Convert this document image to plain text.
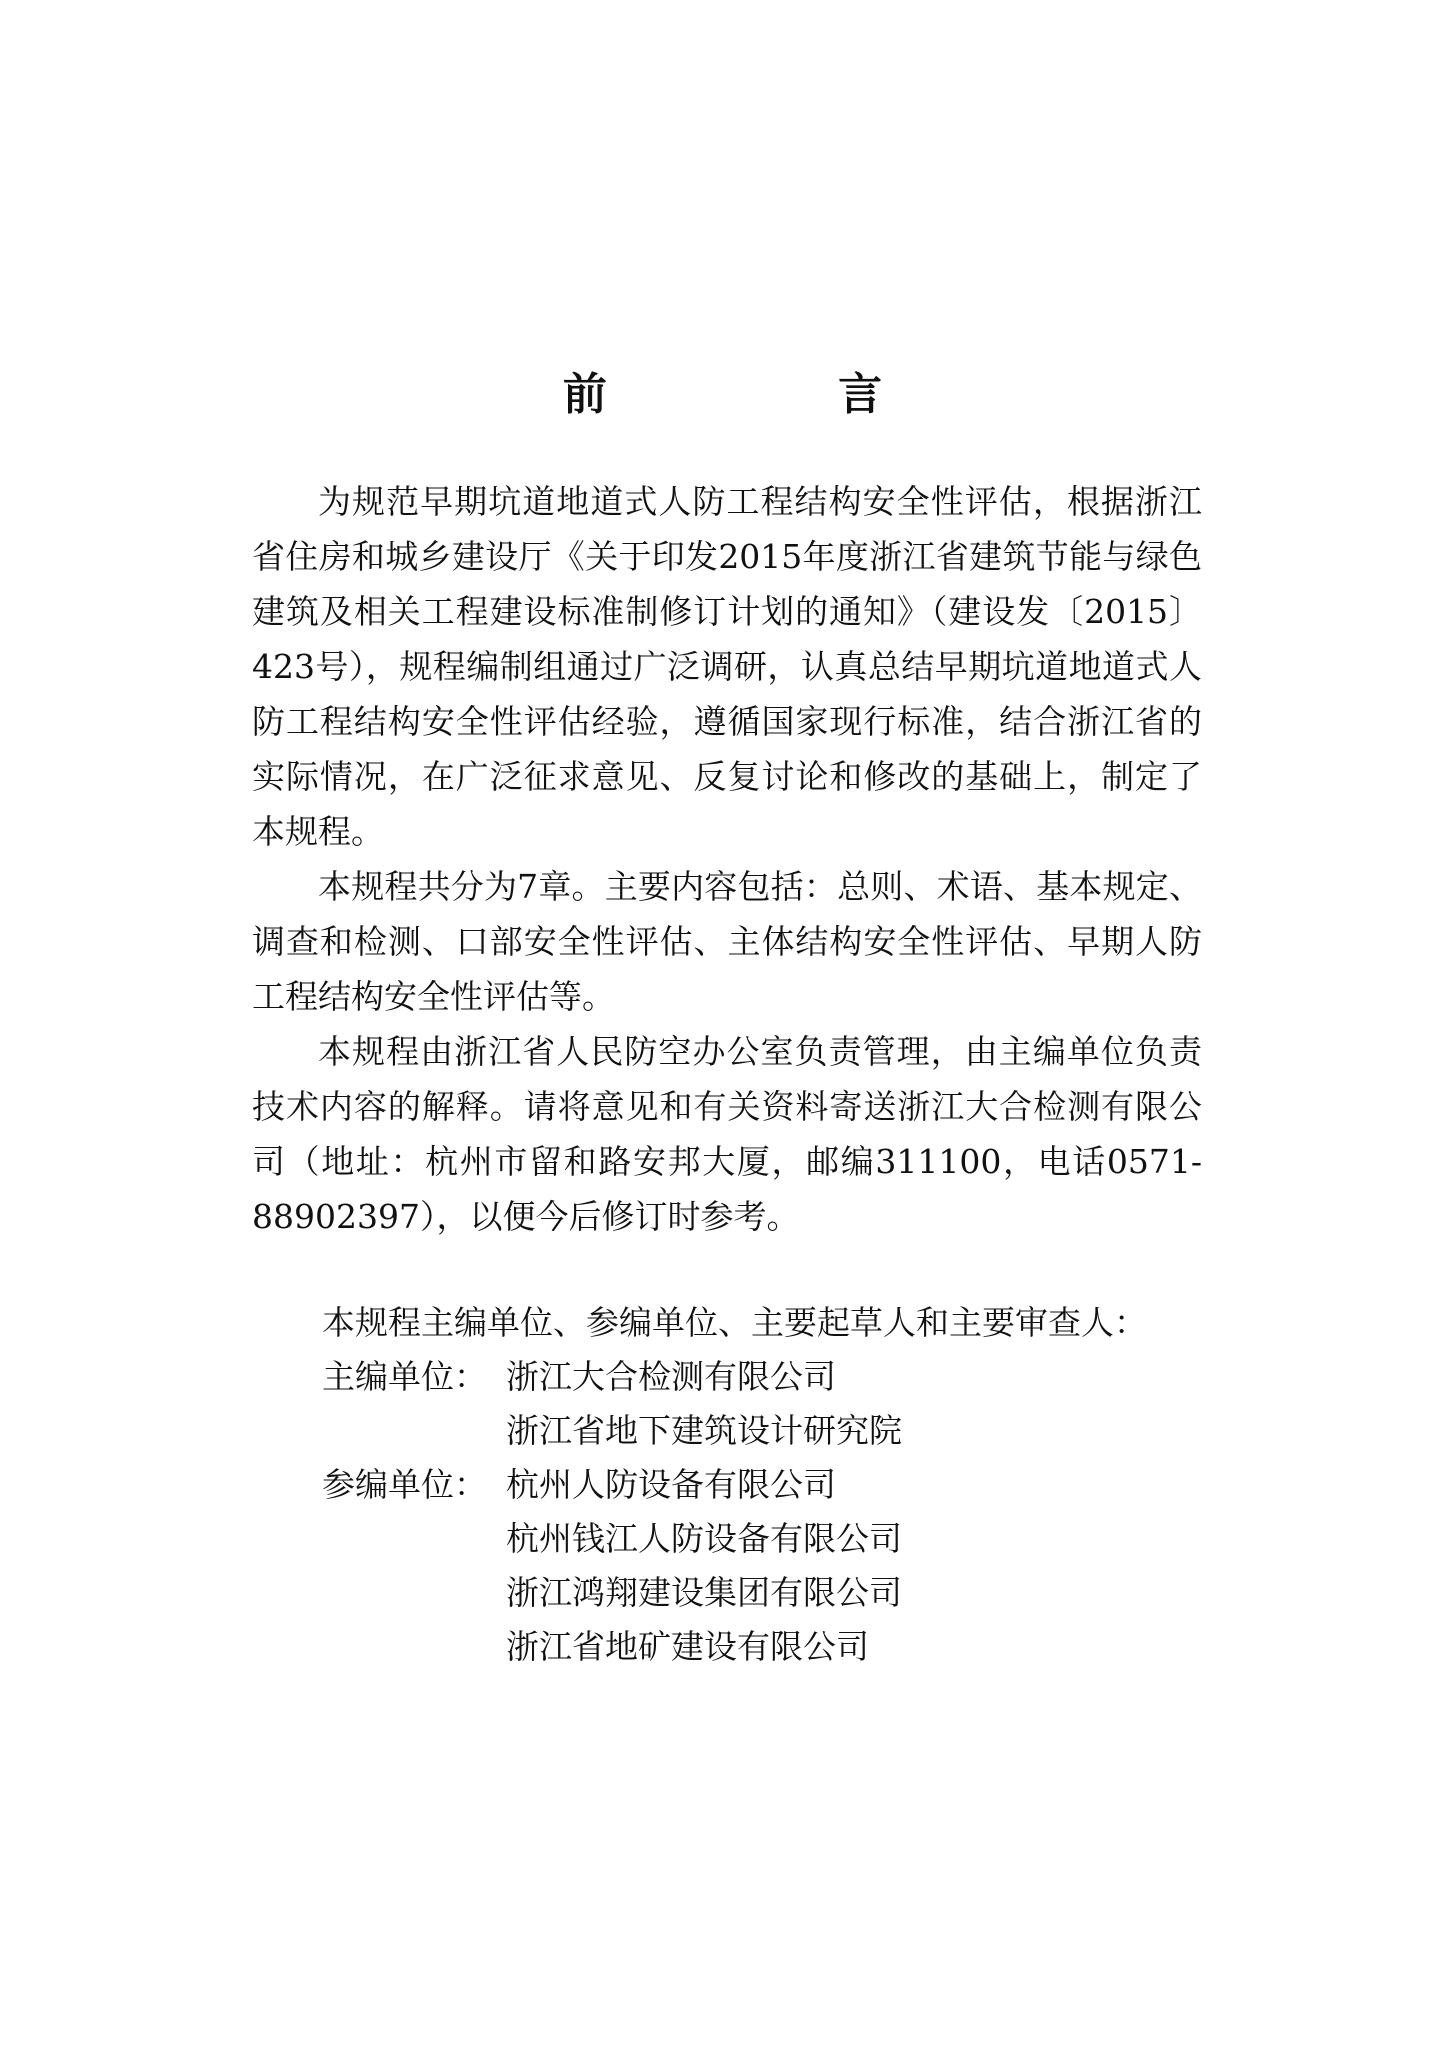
前 言

为规范早期坑道地道式人防工程结构安全性评估，根据浙江省住房和城乡建设厅《关于印发2015年度浙江省建筑节能与绿色建筑及相关工程建设标准制修订计划的通知》（建设发〔2015〕423号），规程编制组通过广泛调研，认真总结早期坑道地道式人防工程结构安全性评估经验，遵循国家现行标准，结合浙江省的实际情况，在广泛征求意见、反复讨论和修改的基础上，制定了本规程。

本规程共分为7章。主要内容包括：总则、术语、基本规定、调查和检测、口部安全性评估、主体结构安全性评估、早期人防工程结构安全性评估等。

本规程由浙江省人民防空办公室负责管理，由主编单位负责技术内容的解释。请将意见和有关资料寄送浙江大合检测有限公司（地址：杭州市留和路安邦大厦，邮编311100，电话0571-88902397），以便今后修订时参考。

本规程主编单位、参编单位、主要起草人和主要审查人：

主编单位： 浙江大合检测有限公司
浙江省地下建筑设计研究院
参编单位： 杭州人防设备有限公司
杭州钱江人防设备有限公司
浙江鸿翔建设集团有限公司
浙江省地矿建设有限公司
